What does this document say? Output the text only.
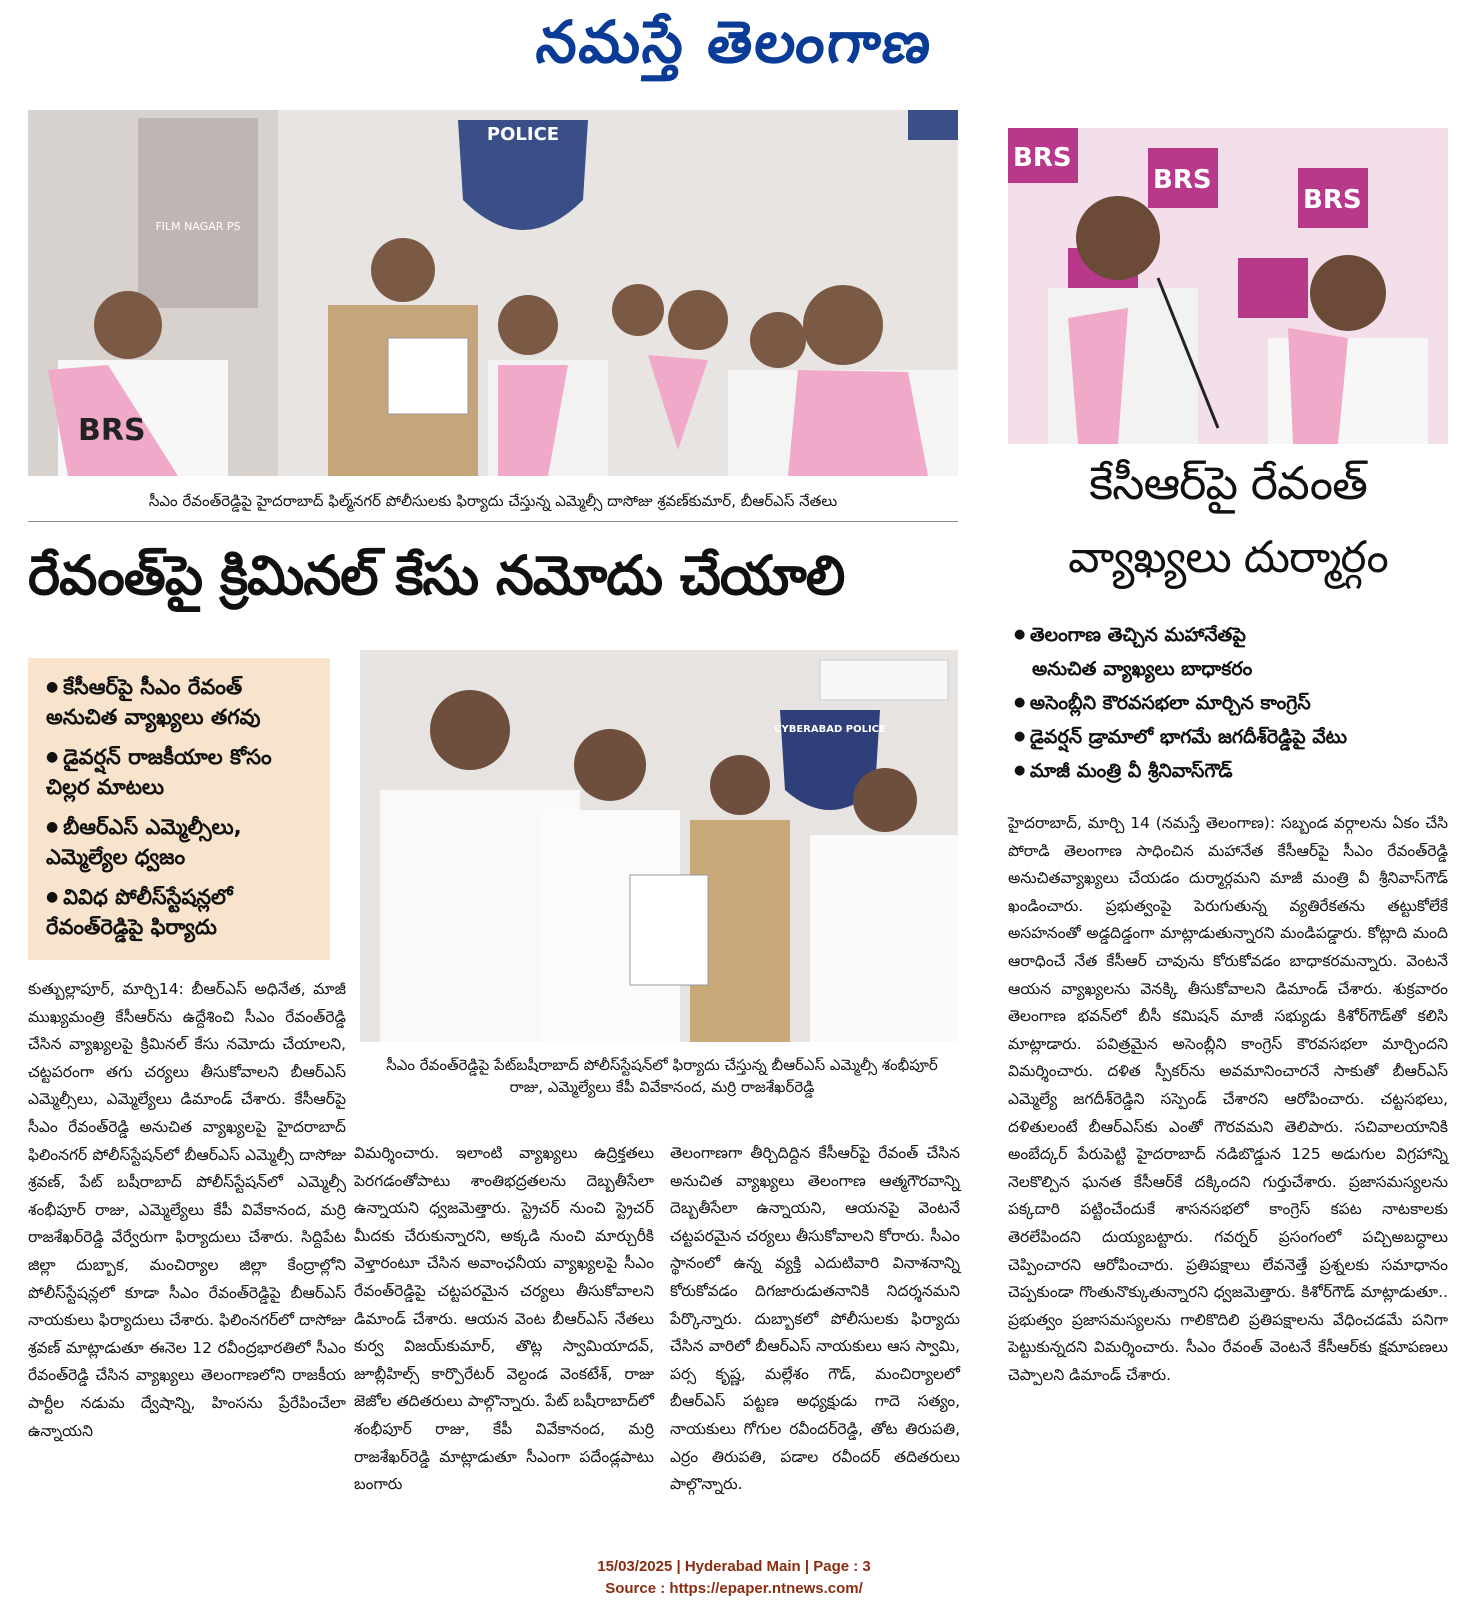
నమస్తే తెలంగాణ
FILM NAGAR PS
POLICE
BRS
సీఎం రేవంత్‌రెడ్డిపై హైదరాబాద్ ఫిల్మ్‌నగర్ పోలీసులకు ఫిర్యాదు చేస్తున్న ఎమ్మెల్సీ దాసోజు శ్రవణ్‌కుమార్, బీఆర్‌ఎస్ నేతలు
రేవంత్‌పై క్రిమినల్ కేసు నమోదు చేయాలి
● కేసీఆర్‌పై సీఎం రేవంత్ అనుచిత వ్యాఖ్యలు తగవు
● డైవర్షన్ రాజకీయాల కోసం చిల్లర మాటలు
● బీఆర్‌ఎస్ ఎమ్మెల్సీలు, ఎమ్మెల్యేల ధ్వజం
● వివిధ పోలీస్‌స్టేషన్లలో రేవంత్‌రెడ్డిపై ఫిర్యాదు
CYBERABAD POLICE
సీఎం రేవంత్‌రెడ్డిపై పేట్‌బషీరాబాద్ పోలీస్‌స్టేషన్‌లో ఫిర్యాదు చేస్తున్న బీఆర్‌ఎస్ ఎమ్మెల్సీ శంభీపూర్ రాజు, ఎమ్మెల్యేలు కేపీ వివేకానంద, మర్రి రాజశేఖర్‌రెడ్డి
కుత్బుల్లాపూర్, మార్చి14: బీఆర్‌ఎస్ అధినేత, మాజీ ముఖ్యమంత్రి కేసీఆర్‌ను ఉద్దేశించి సీఎం రేవంత్‌రెడ్డి చేసిన వ్యాఖ్యలపై క్రిమినల్ కేసు నమోదు చేయాలని, చట్టపరంగా తగు చర్యలు తీసుకోవాలని బీఆర్‌ఎస్ ఎమ్మెల్సీలు, ఎమ్మెల్యేలు డిమాండ్ చేశారు. కేసీఆర్‌పై సీఎం రేవంత్‌రెడ్డి అనుచిత వ్యాఖ్యలపై హైదరాబాద్ ఫిలింనగర్ పోలీస్‌స్టేషన్‌లో బీఆర్‌ఎస్ ఎమ్మెల్సీ దాసోజు శ్రవణ్, పేట్ బషీరాబాద్ పోలీస్‌స్టేషన్‌లో ఎమ్మెల్సీ శంభీపూర్ రాజు, ఎమ్మెల్యేలు కేపీ వివేకానంద, మర్రి రాజశేఖర్‌రెడ్డి వేర్వేరుగా ఫిర్యాదులు చేశారు. సిద్దిపేట జిల్లా దుబ్బాక, మంచిర్యాల జిల్లా కేంద్రాల్లోని పోలీస్‌స్టేషన్లలో కూడా సీఎం రేవంత్‌రెడ్డిపై బీఆర్‌ఎస్ నాయకులు ఫిర్యాదులు చేశారు. ఫిలింనగర్‌లో దాసోజు శ్రవణ్ మాట్లాడుతూ ఈనెల 12 రవీంద్రభారతిలో సీఎం రేవంత్‌రెడ్డి చేసిన వ్యాఖ్యలు తెలంగాణలోని రాజకీయ పార్టీల నడుమ ద్వేషాన్ని, హింసను ప్రేరేపించేలా ఉన్నాయని
విమర్శించారు. ఇలాంటి వ్యాఖ్యలు ఉద్రిక్తతలు పెరగడంతోపాటు శాంతిభద్రతలను దెబ్బతీసేలా ఉన్నాయని ధ్వజమెత్తారు. స్ట్రెచర్ నుంచి స్ట్రెచర్ మీదకు చేరుకున్నారని, అక్కడి నుంచి మార్చురీకి వెళ్తారంటూ చేసిన అవాంఛనీయ వ్యాఖ్యలపై సీఎం రేవంత్‌రెడ్డిపై చట్టపరమైన చర్యలు తీసుకోవాలని డిమాండ్ చేశారు. ఆయన వెంట బీఆర్‌ఎస్ నేతలు కుర్వ విజయ్‌కుమార్, తొట్ల స్వామియాదవ్, జూబ్లీహిల్స్ కార్పొరేటర్ వెల్దండ వెంకటేశ్, రాజు జెజోల తదితరులు పాల్గొన్నారు. పేట్ బషీరాబాద్‌లో శంభీపూర్ రాజు, కేపీ వివేకానంద, మర్రి రాజశేఖర్‌రెడ్డి మాట్లాడుతూ సీఎంగా పదేండ్లపాటు బంగారు
తెలంగాణగా తీర్చిదిద్దిన కేసీఆర్‌పై రేవంత్ చేసిన అనుచిత వ్యాఖ్యలు తెలంగాణ ఆత్మగౌరవాన్ని దెబ్బతీసేలా ఉన్నాయని, ఆయనపై వెంటనే చట్టపరమైన చర్యలు తీసుకోవాలని కోరారు. సీఎం స్థానంలో ఉన్న వ్యక్తి ఎదుటివారి వినాశనాన్ని కోరుకోవడం దిగజారుడుతనానికి నిదర్శనమని పేర్కొన్నారు. దుబ్బాకలో పోలీసులకు ఫిర్యాదు చేసిన వారిలో బీఆర్‌ఎస్ నాయకులు ఆస స్వామి, పర్స కృష్ణ, మల్లేశం గౌడ్, మంచిర్యాలలో బీఆర్‌ఎస్ పట్టణ అధ్యక్షుడు గాదె సత్యం, నాయకులు గోగుల రవీందర్‌రెడ్డి, తోట తిరుపతి, ఎర్రం తిరుపతి, పడాల రవీందర్ తదితరులు పాల్గొన్నారు.
BRS
BRS
BRS
కేసీఆర్‌పై రేవంత్
వ్యాఖ్యలు దుర్మార్గం
● తెలంగాణ తెచ్చిన మహానేతపై
అనుచిత వ్యాఖ్యలు బాధాకరం
● అసెంబ్లీని కౌరవసభలా మార్చిన కాంగ్రెస్
● డైవర్షన్ డ్రామాలో భాగమే జగదీశ్‌రెడ్డిపై వేటు
● మాజీ మంత్రి వీ శ్రీనివాస్‌గౌడ్
హైదరాబాద్, మార్చి 14 (నమస్తే తెలంగాణ): సబ్బండ వర్గాలను ఏకం చేసి పోరాడి తెలంగాణ సాధించిన మహానేత కేసీఆర్‌పై సీఎం రేవంత్‌రెడ్డి అనుచితవ్యాఖ్యలు చేయడం దుర్మార్గమని మాజీ మంత్రి వీ శ్రీనివాస్‌గౌడ్ ఖండించారు. ప్రభుత్వంపై పెరుగుతున్న వ్యతిరేకతను తట్టుకోలేకే అసహనంతో అడ్డదిడ్డంగా మాట్లాడుతున్నారని మండిపడ్డారు. కోట్లాది మంది ఆరాధించే నేత కేసీఆర్ చావును కోరుకోవడం బాధాకరమన్నారు. వెంటనే ఆయన వ్యాఖ్యలను వెనక్కి తీసుకోవాలని డిమాండ్ చేశారు. శుక్రవారం తెలంగాణ భవన్‌లో బీసీ కమిషన్ మాజీ సభ్యుడు కిశోర్‌గౌడ్‌తో కలిసి మాట్లాడారు. పవిత్రమైన అసెంబ్లీని కాంగ్రెస్ కౌరవసభలా మార్చిందని విమర్శించారు. దళిత స్పీకర్‌ను అవమానించారనే సాకుతో బీఆర్‌ఎస్ ఎమ్మెల్యే జగదీశ్‌రెడ్డిని సస్పెండ్ చేశారని ఆరోపించారు. చట్టసభలు, దళితులంటే బీఆర్‌ఎస్‌కు ఎంతో గౌరవమని తెలిపారు. సచివాలయానికి అంబేద్కర్ పేరుపెట్టి హైదరాబాద్ నడిబొడ్డున 125 అడుగుల విగ్రహాన్ని నెలకొల్పిన ఘనత కేసీఆర్‌కే దక్కిందని గుర్తుచేశారు. ప్రజాసమస్యలను పక్కదారి పట్టించేందుకే శాసనసభలో కాంగ్రెస్ కపట నాటకాలకు తెరలేపిందని దుయ్యబట్టారు. గవర్నర్ ప్రసంగంలో పచ్చిఅబద్ధాలు చెప్పించారని ఆరోపించారు. ప్రతిపక్షాలు లేవనెత్తే ప్రశ్నలకు సమాధానం చెప్పకుండా గొంతునొక్కుతున్నారని ధ్వజమెత్తారు. కిశోర్‌గౌడ్ మాట్లాడుతూ.. ప్రభుత్వం ప్రజాసమస్యలను గాలికొదిలి ప్రతిపక్షాలను వేధించడమే పనిగా పెట్టుకున్నదని విమర్శించారు. సీఎం రేవంత్ వెంటనే కేసీఆర్‌కు క్షమాపణలు చెప్పాలని డిమాండ్ చేశారు.
15/03/2025 | Hyderabad Main | Page : 3
Source : https://epaper.ntnews.com/
